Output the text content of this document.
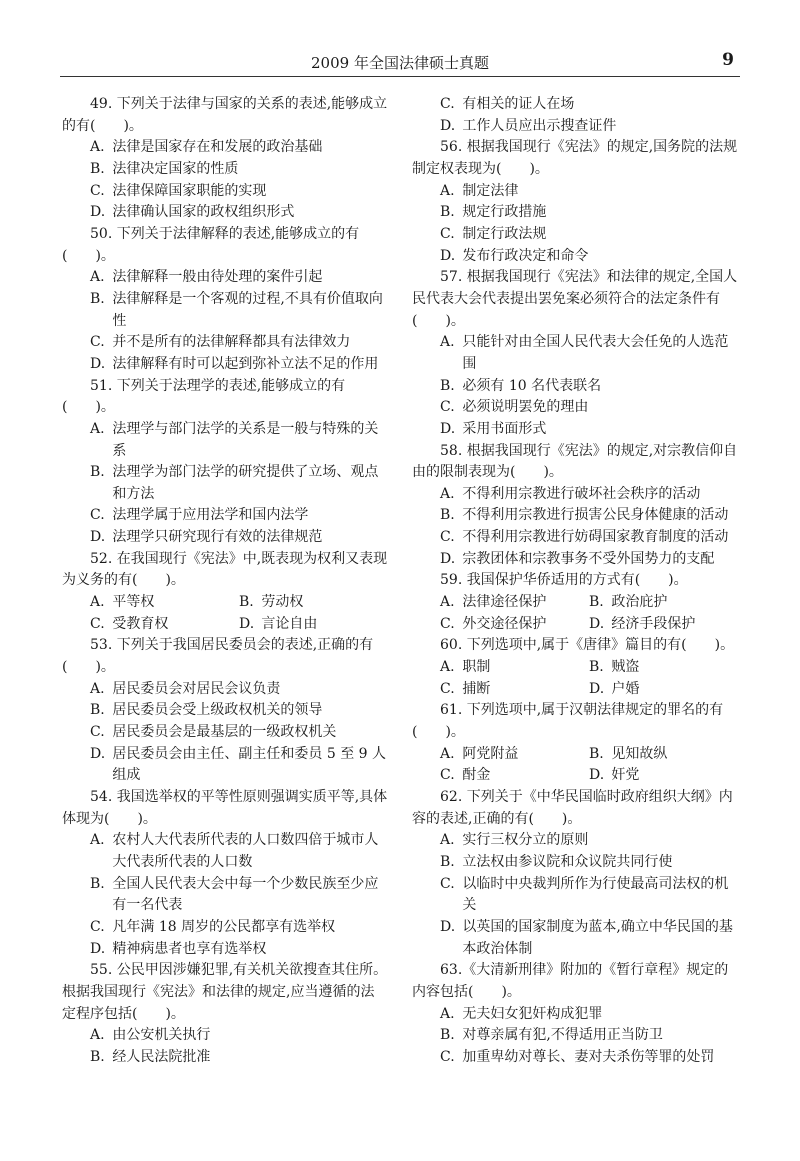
2009 年全国法律硕士真题	9

49. 下列关于法律与国家的关系的表述,能够成立的有(　　)。

A. 法律是国家存在和发展的政治基础
B. 法律决定国家的性质
C. 法律保障国家职能的实现
D. 法律确认国家的政权组织形式

50. 下列关于法律解释的表述,能够成立的有(　　)。

A. 法律解释一般由待处理的案件引起
B. 法律解释是一个客观的过程,不具有价值取向性
C. 并不是所有的法律解释都具有法律效力
D. 法律解释有时可以起到弥补立法不足的作用

51. 下列关于法理学的表述,能够成立的有(　　)。

A. 法理学与部门法学的关系是一般与特殊的关系
B. 法理学为部门法学的研究提供了立场、观点和方法
C. 法理学属于应用法学和国内法学
D. 法理学只研究现行有效的法律规范

52. 在我国现行《宪法》中,既表现为权利又表现为义务的有(　　)。

A. 平等权	B. 劳动权
C. 受教育权	D. 言论自由

53. 下列关于我国居民委员会的表述,正确的有(　　)。

A. 居民委员会对居民会议负责
B. 居民委员会受上级政权机关的领导
C. 居民委员会是最基层的一级政权机关
D. 居民委员会由主任、副主任和委员 5 至 9 人组成

54. 我国选举权的平等性原则强调实质平等,具体体现为(　　)。

A. 农村人大代表所代表的人口数四倍于城市人大代表所代表的人口数
B. 全国人民代表大会中每一个少数民族至少应有一名代表
C. 凡年满 18 周岁的公民都享有选举权
D. 精神病患者也享有选举权

55. 公民甲因涉嫌犯罪,有关机关欲搜查其住所。根据我国现行《宪法》和法律的规定,应当遵循的法定程序包括(　　)。

A. 由公安机关执行
B. 经人民法院批准
C. 有相关的证人在场
D. 工作人员应出示搜查证件

56. 根据我国现行《宪法》的规定,国务院的法规制定权表现为(　　)。

A. 制定法律
B. 规定行政措施
C. 制定行政法规
D. 发布行政决定和命令

57. 根据我国现行《宪法》和法律的规定,全国人民代表大会代表提出罢免案必须符合的法定条件有(　　)。

A. 只能针对由全国人民代表大会任免的人选范围
B. 必须有 10 名代表联名
C. 必须说明罢免的理由
D. 采用书面形式

58. 根据我国现行《宪法》的规定,对宗教信仰自由的限制表现为(　　)。

A. 不得利用宗教进行破坏社会秩序的活动
B. 不得利用宗教进行损害公民身体健康的活动
C. 不得利用宗教进行妨碍国家教育制度的活动
D. 宗教团体和宗教事务不受外国势力的支配

59. 我国保护华侨适用的方式有(　　)。

A. 法律途径保护	B. 政治庇护
C. 外交途径保护	D. 经济手段保护

60. 下列选项中,属于《唐律》篇目的有(　　)。

A. 职制	B. 贼盗
C. 捕断	D. 户婚

61. 下列选项中,属于汉朝法律规定的罪名的有(　　)。

A. 阿党附益	B. 见知故纵
C. 酎金	D. 奸党

62. 下列关于《中华民国临时政府组织大纲》内容的表述,正确的有(　　)。

A. 实行三权分立的原则
B. 立法权由参议院和众议院共同行使
C. 以临时中央裁判所作为行使最高司法权的机关
D. 以英国的国家制度为蓝本,确立中华民国的基本政治体制

63.《大清新刑律》附加的《暂行章程》规定的内容包括(　　)。

A. 无夫妇女犯奸构成犯罪
B. 对尊亲属有犯,不得适用正当防卫
C. 加重卑幼对尊长、妻对夫杀伤等罪的处罚
